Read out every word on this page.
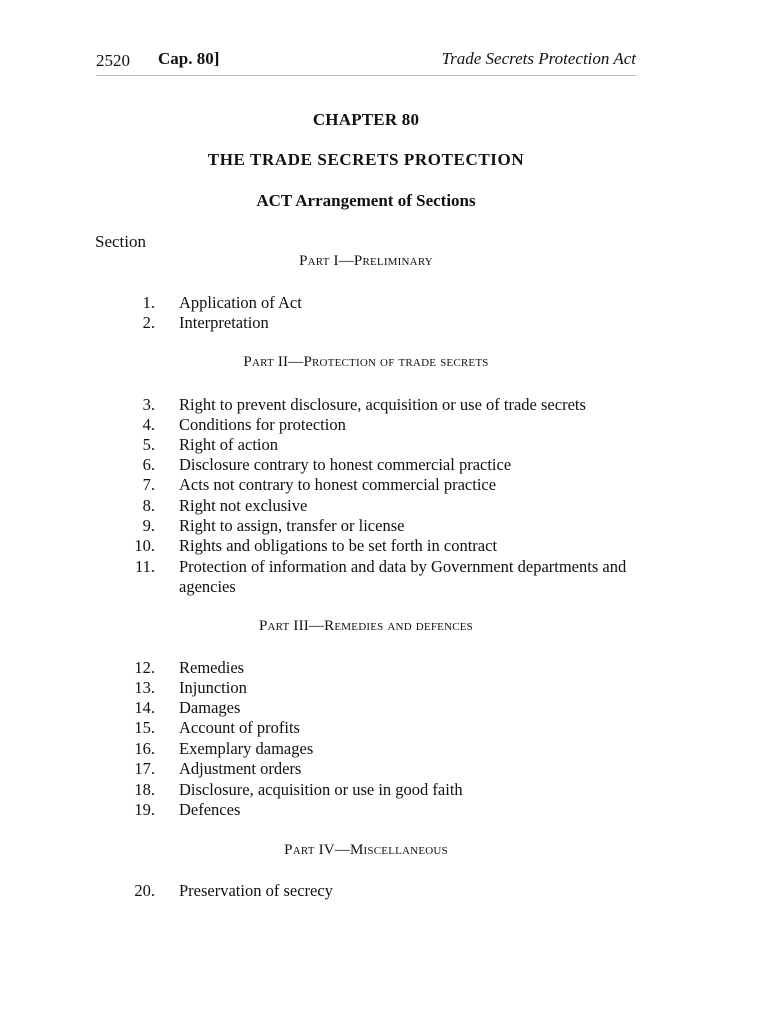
2520 Cap. 80]	Trade Secrets Protection Act
CHAPTER 80
THE TRADE SECRETS PROTECTION
ACT Arrangement of Sections
Section
Part I—Preliminary
1. Application of Act
2. Interpretation
Part II—Protection of trade secrets
3. Right to prevent disclosure, acquisition or use of trade secrets
4. Conditions for protection
5. Right of action
6. Disclosure contrary to honest commercial practice
7. Acts not contrary to honest commercial practice
8. Right not exclusive
9. Right to assign, transfer or license
10. Rights and obligations to be set forth in contract
11. Protection of information and data by Government departments and agencies
Part III—Remedies and defences
12. Remedies
13. Injunction
14. Damages
15. Account of profits
16. Exemplary damages
17. Adjustment orders
18. Disclosure, acquisition or use in good faith
19. Defences
Part IV—Miscellaneous
20. Preservation of secrecy
